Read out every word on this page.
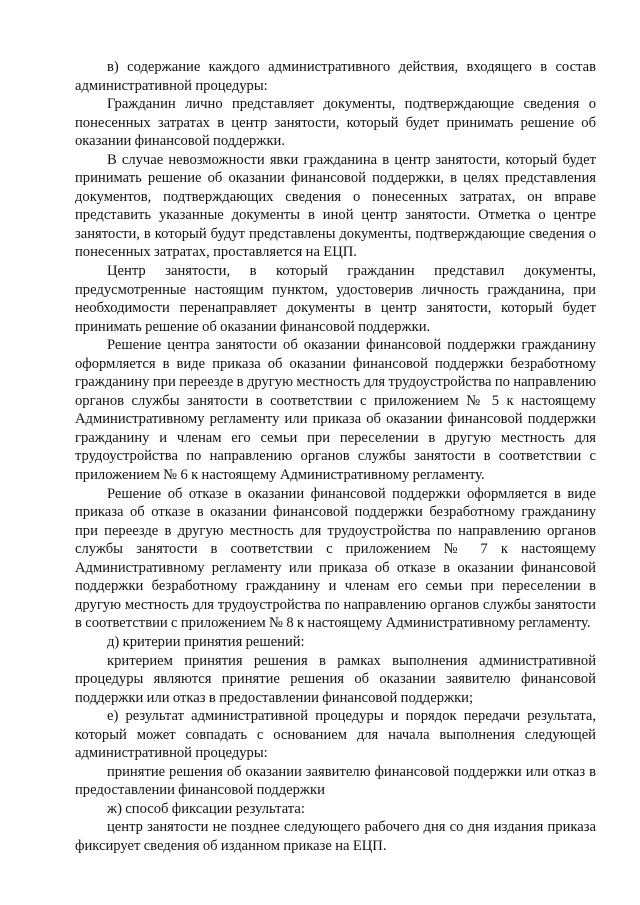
в) содержание каждого административного действия, входящего в состав административной процедуры:

Гражданин лично представляет документы, подтверждающие сведения о понесенных затратах в центр занятости, который будет принимать решение об оказании финансовой поддержки.

В случае невозможности явки гражданина в центр занятости, который будет принимать решение об оказании финансовой поддержки, в целях представления документов, подтверждающих сведения о понесенных затратах, он вправе представить указанные документы в иной центр занятости. Отметка о центре занятости, в который будут представлены документы, подтверждающие сведения о понесенных затратах, проставляется на ЕЦП.

Центр занятости, в который гражданин представил документы, предусмотренные настоящим пунктом, удостоверив личность гражданина, при необходимости перенаправляет документы в центр занятости, который будет принимать решение об оказании финансовой поддержки.

Решение центра занятости об оказании финансовой поддержки гражданину оформляется в виде приказа об оказании финансовой поддержки безработному гражданину при переезде в другую местность для трудоустройства по направлению органов службы занятости в соответствии с приложением № 5 к настоящему Административному регламенту или приказа об оказании финансовой поддержки гражданину и членам его семьи при переселении в другую местность для трудоустройства по направлению органов службы занятости в соответствии с приложением № 6 к настоящему Административному регламенту.

Решение об отказе в оказании финансовой поддержки оформляется в виде приказа об отказе в оказании финансовой поддержки безработному гражданину при переезде в другую местность для трудоустройства по направлению органов службы занятости в соответствии с приложением № 7 к настоящему Административному регламенту или приказа об отказе в оказании финансовой поддержки безработному гражданину и членам его семьи при переселении в другую местность для трудоустройства по направлению органов службы занятости в соответствии с приложением № 8 к настоящему Административному регламенту.

д) критерии принятия решений:

критерием принятия решения в рамках выполнения административной процедуры являются принятие решения об оказании заявителю финансовой поддержки или отказ в предоставлении финансовой поддержки;

е) результат административной процедуры и порядок передачи результата, который может совпадать с основанием для начала выполнения следующей административной процедуры:

принятие решения об оказании заявителю финансовой поддержки или отказ в предоставлении финансовой поддержки

ж) способ фиксации результата:

центр занятости не позднее следующего рабочего дня со дня издания приказа фиксирует сведения об изданном приказе на ЕЦП.
